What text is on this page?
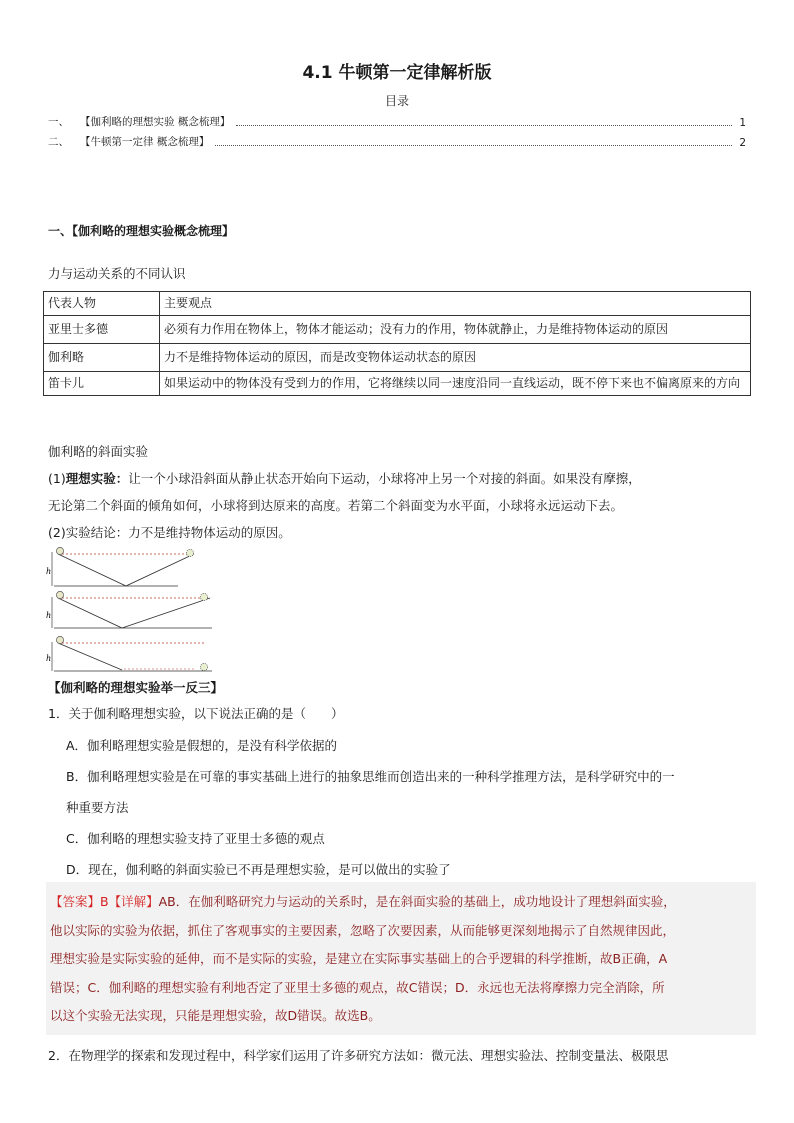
4.1 牛顿第一定律解析版
目录
一、	【伽利略的理想实验 概念梳理】	1
二、	【牛顿第一定律 概念梳理】	2
一、【伽利略的理想实验概念梳理】
力与运动关系的不同认识
代表人物	主要观点
亚里士多德	必须有力作用在物体上，物体才能运动；没有力的作用，物体就静止，力是维持物体运动的原因
伽利略	力不是维持物体运动的原因，而是改变物体运动状态的原因
笛卡儿	如果运动中的物体没有受到力的作用，它将继续以同一速度沿同一直线运动，既不停下来也不偏离原来的方向
伽利略的斜面实验
(1)理想实验：让一个小球沿斜面从静止状态开始向下运动，小球将冲上另一个对接的斜面。如果没有摩擦，
无论第二个斜面的倾角如何，小球将到达原来的高度。若第二个斜面变为水平面，小球将永远运动下去。
(2)实验结论：力不是维持物体运动的原因。
h
h
h
【伽利略的理想实验举一反三】
1．关于伽利略理想实验，以下说法正确的是（　　）
A．伽利略理想实验是假想的，是没有科学依据的
B．伽利略理想实验是在可靠的事实基础上进行的抽象思维而创造出来的一种科学推理方法，是科学研究中的一
种重要方法
C．伽利略的理想实验支持了亚里士多德的观点
D．现在，伽利略的斜面实验已不再是理想实验，是可以做出的实验了
【答案】B【详解】AB．在伽利略研究力与运动的关系时，是在斜面实验的基础上，成功地设计了理想斜面实验，
他以实际的实验为依据，抓住了客观事实的主要因素，忽略了次要因素，从而能够更深刻地揭示了自然规律因此，
理想实验是实际实验的延伸，而不是实际的实验，是建立在实际事实基础上的合乎逻辑的科学推断，故B正确，A
错误；C．伽利略的理想实验有利地否定了亚里士多德的观点，故C错误；D．永远也无法将摩擦力完全消除，所
以这个实验无法实现，只能是理想实验，故D错误。故选B。
2．在物理学的探索和发现过程中，科学家们运用了许多研究方法如：微元法、理想实验法、控制变量法、极限思
